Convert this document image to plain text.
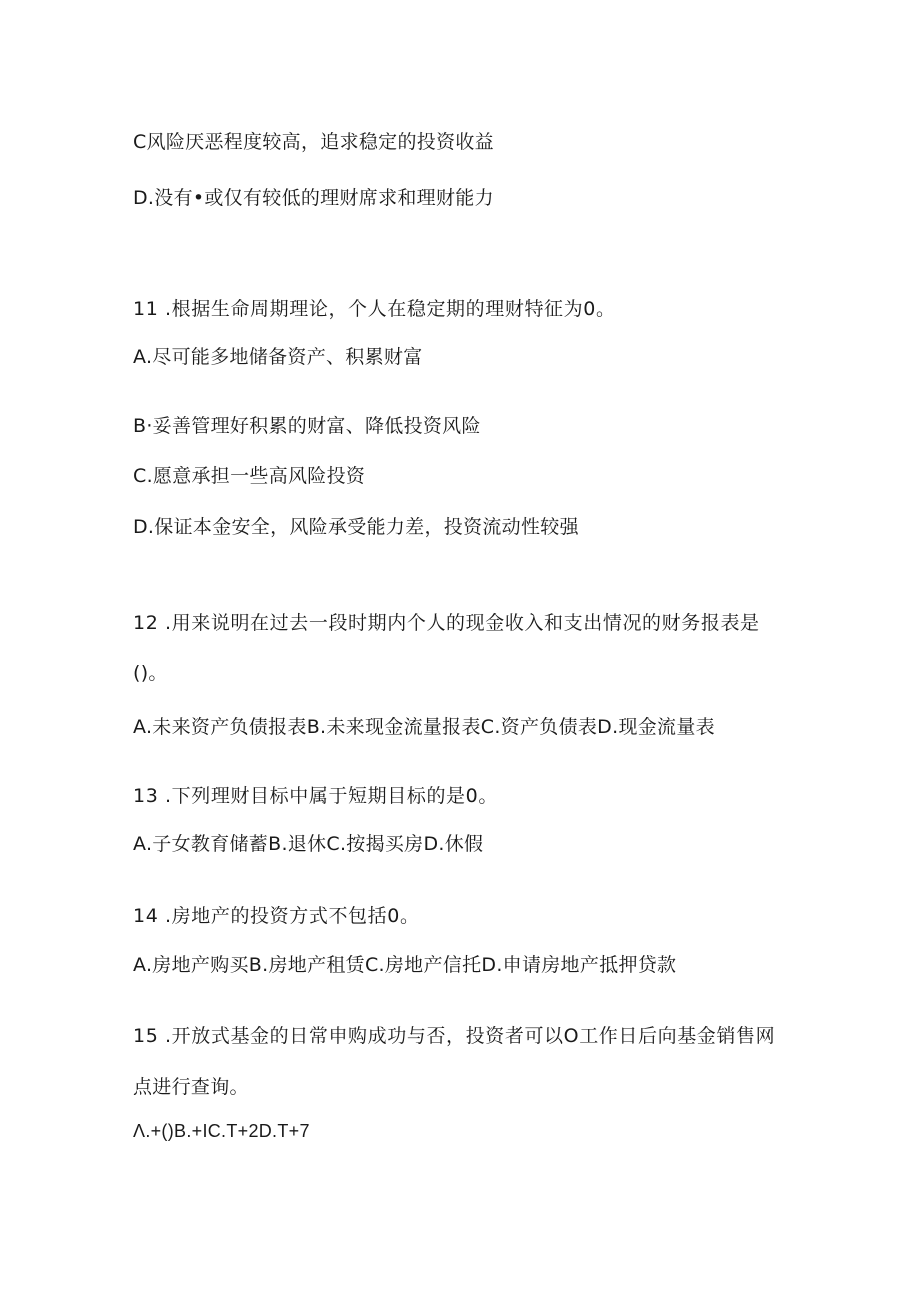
C风险厌恶程度较高，追求稳定的投资收益
D.没有•或仅有较低的理财席求和理财能力
11 .根据生命周期理论，个人在稳定期的理财特征为0。
A.尽可能多地储备资产、积累财富
B·妥善管理好积累的财富、降低投资风险
C.愿意承担一些高风险投资
D.保证本金安全，风险承受能力差，投资流动性较强
12 .用来说明在过去一段时期内个人的现金收入和支出情况的财务报表是
()。
A.未来资产负债报表B.未来现金流量报表C.资产负债表D.现金流量表
13 .下列理财目标中属于短期目标的是0。
A.子女教育储蓄B.退休C.按揭买房D.休假
14 .房地产的投资方式不包括0。
A.房地产购买B.房地产租赁C.房地产信托D.申请房地产抵押贷款
15 .开放式基金的日常申购成功与否，投资者可以O工作日后向基金销售网
点进行查询。
Λ.+()B.+IC.T+2D.T+7
